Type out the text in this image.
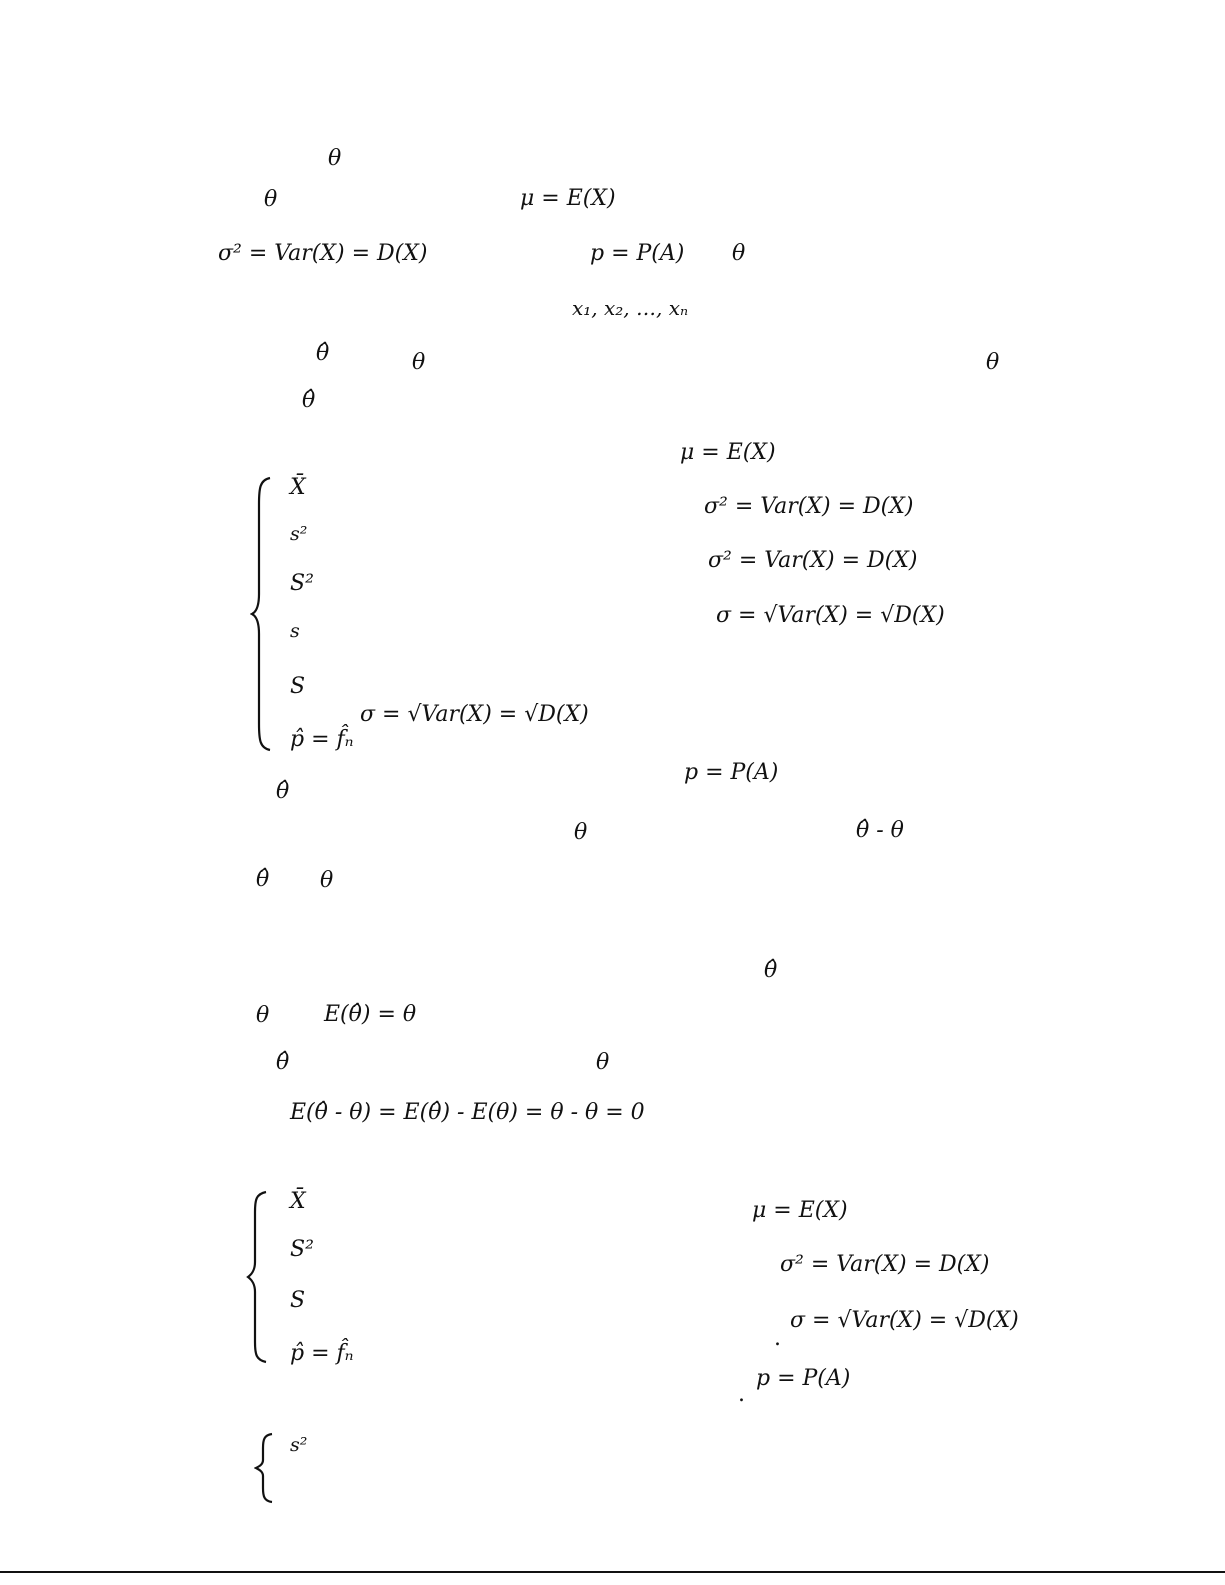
θ
θ	μ = E(X)
σ² = Var(X) = D(X)	p = P(A) θ
x₁, x₂, …, xₙ
θ̂	θ	θ
θ̂
μ = E(X)
X̄
s²
S²
s
S
p̂ = f̂ₙ
σ² = Var(X) = D(X)
σ² = Var(X) = D(X)
σ = √Var(X) = √D(X)
σ = √Var(X) = √D(X)
p = P(A)
θ̂
θ	θ̂ - θ
θ̂ θ
θ̂
θ E(θ̂) = θ
θ̂	θ
E(θ̂ - θ) = E(θ̂) - E(θ) = θ - θ = 0
X̄
S²
S
p̂ = f̂ₙ
μ = E(X)
σ² = Var(X) = D(X)
.
σ = √Var(X) = √D(X)
.
p = P(A)
s²
